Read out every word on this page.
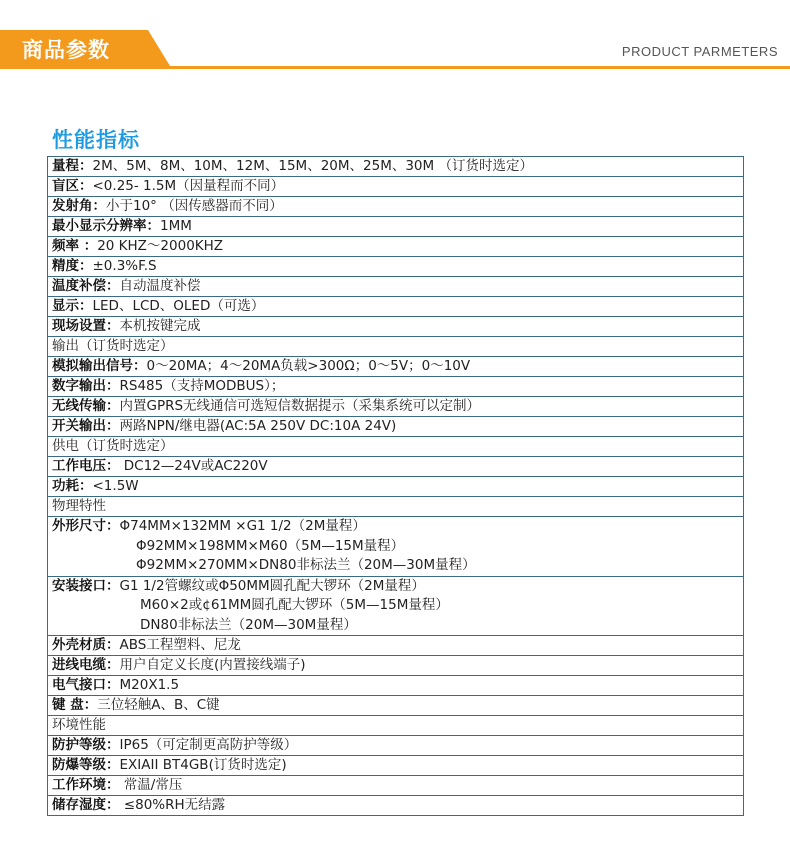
商品参数	PRODUCT PARMETERS
性能指标
量程：2M、5M、8M、10M、12M、15M、20M、25M、30M （订货时选定）
盲区：<0.25- 1.5M（因量程而不同）
发射角：小于10° （因传感器而不同）
最小显示分辨率：1MM
频率 ：20 KHZ～2000KHZ
精度：±0.3%F.S
温度补偿：自动温度补偿
显示：LED、LCD、OLED（可选）
现场设置：本机按键完成
输出（订货时选定）
模拟输出信号：0～20MA；4～20MA负载>300Ω；0～5V；0～10V
数字输出：RS485（支持MODBUS）；
无线传输：内置GPRS无线通信可选短信数据提示（采集系统可以定制）
开关输出：两路NPN/继电器(AC:5A 250V DC:10A 24V)
供电（订货时选定）
工作电压： DC12—24V或AC220V
功耗：<1.5W
物理特性
外形尺寸：Φ74MM×132MM ×G1 1/2（2M量程）
Φ92MM×198MM×M60（5M—15M量程）
Φ92MM×270MM×DN80非标法兰（20M—30M量程）
安装接口：G1 1/2管螺纹或Φ50MM圆孔配大锣环（2M量程）
M60×2或¢61MM圆孔配大锣环（5M—15M量程）
DN80非标法兰（20M—30M量程）
外壳材质：ABS工程塑料、尼龙
进线电缆：用户自定义长度(内置接线端子)
电气接口：M20X1.5
键 盘：三位轻触A、B、C键
环境性能
防护等级：IP65（可定制更高防护等级）
防爆等级：EXIAII BT4GB(订货时选定)
工作环境： 常温/常压
储存湿度： ≤80%RH无结露
